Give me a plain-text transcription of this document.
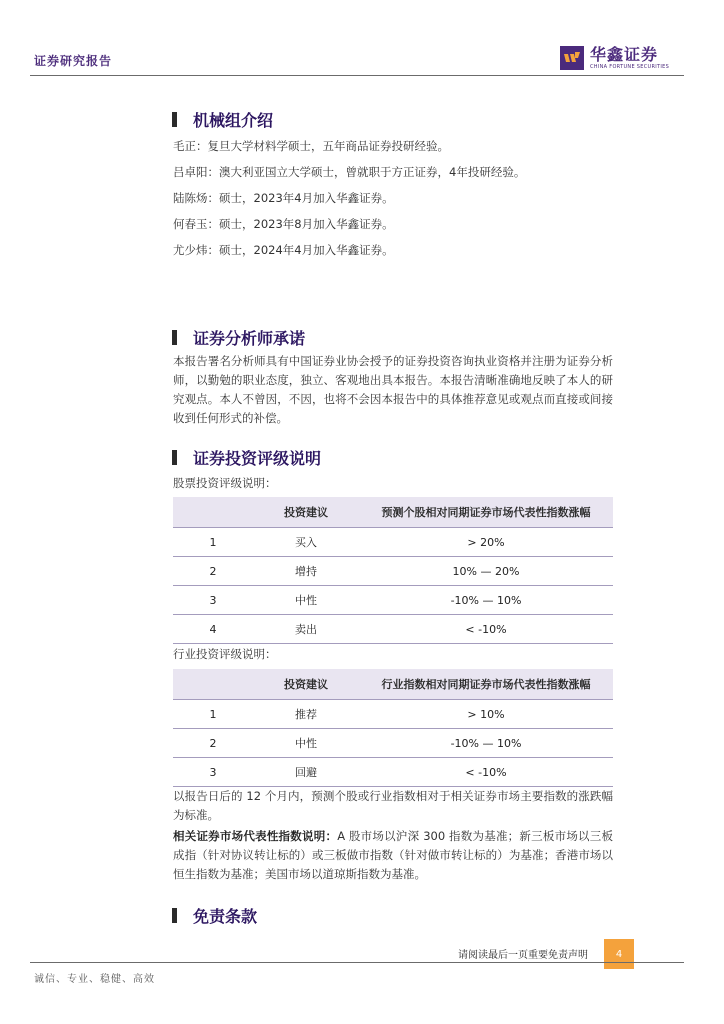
证券研究报告	华鑫证券
CHINA FORTUNE SECURITIES
机械组介绍
毛正：复旦大学材料学硕士，五年商品证券投研经验。
吕卓阳：澳大利亚国立大学硕士，曾就职于方正证券，4年投研经验。
陆陈炀：硕士，2023年4月加入华鑫证券。
何春玉：硕士，2023年8月加入华鑫证券。
尤少炜：硕士，2024年4月加入华鑫证券。
证券分析师承诺
本报告署名分析师具有中国证券业协会授予的证券投资咨询执业资格并注册为证券分析师，以勤勉的职业态度，独立、客观地出具本报告。本报告清晰准确地反映了本人的研究观点。本人不曾因，不因，也将不会因本报告中的具体推荐意见或观点而直接或间接收到任何形式的补偿。
证券投资评级说明
股票投资评级说明：
	投资建议	预测个股相对同期证券市场代表性指数涨幅
1	买入	> 20%
2	增持	10% — 20%
3	中性	-10% — 10%
4	卖出	< -10%
行业投资评级说明：
	投资建议	行业指数相对同期证券市场代表性指数涨幅
1	推荐	> 10%
2	中性	-10% — 10%
3	回避	< -10%
以报告日后的 12 个月内，预测个股或行业指数相对于相关证券市场主要指数的涨跌幅为标准。
相关证券市场代表性指数说明：A 股市场以沪深 300 指数为基准；新三板市场以三板成指（针对协议转让标的）或三板做市指数（针对做市转让标的）为基准；香港市场以恒生指数为基准；美国市场以道琼斯指数为基准。
免责条款
请阅读最后一页重要免责声明	4
诚信、专业、稳健、高效
